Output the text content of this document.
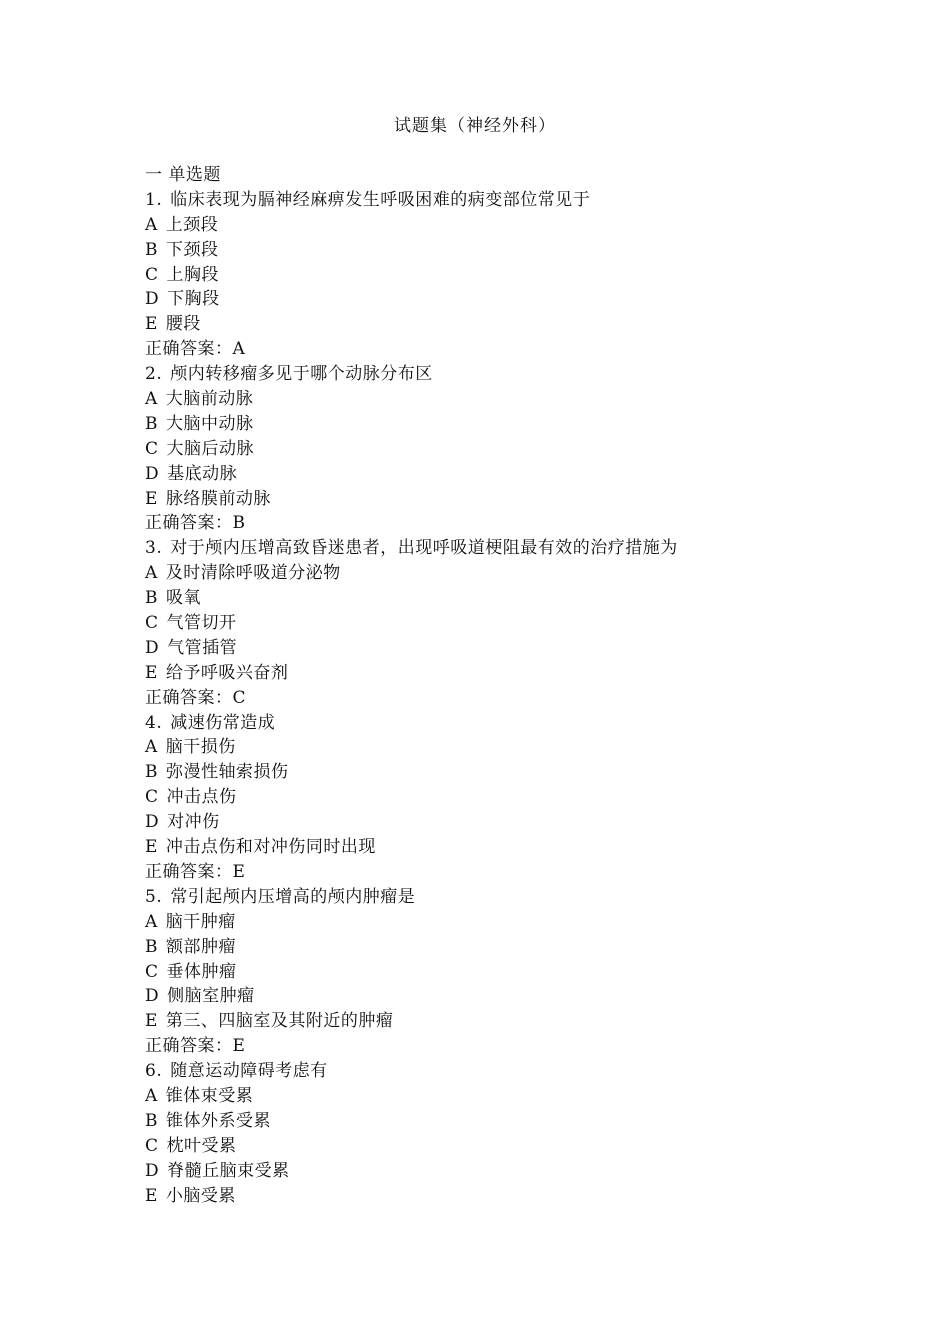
试题集（神经外科）
一 单选题
1. 临床表现为膈神经麻痹发生呼吸困难的病变部位常见于
A 上颈段
B 下颈段
C 上胸段
D 下胸段
E 腰段
正确答案：A
2. 颅内转移瘤多见于哪个动脉分布区
A 大脑前动脉
B 大脑中动脉
C 大脑后动脉
D 基底动脉
E 脉络膜前动脉
正确答案：B
3. 对于颅内压增高致昏迷患者，出现呼吸道梗阻最有效的治疗措施为
A 及时清除呼吸道分泌物
B 吸氧
C 气管切开
D 气管插管
E 给予呼吸兴奋剂
正确答案：C
4. 减速伤常造成
A 脑干损伤
B 弥漫性轴索损伤
C 冲击点伤
D 对冲伤
E 冲击点伤和对冲伤同时出现
正确答案：E
5. 常引起颅内压增高的颅内肿瘤是
A 脑干肿瘤
B 额部肿瘤
C 垂体肿瘤
D 侧脑室肿瘤
E 第三、四脑室及其附近的肿瘤
正确答案：E
6. 随意运动障碍考虑有
A 锥体束受累
B 锥体外系受累
C 枕叶受累
D 脊髓丘脑束受累
E 小脑受累
